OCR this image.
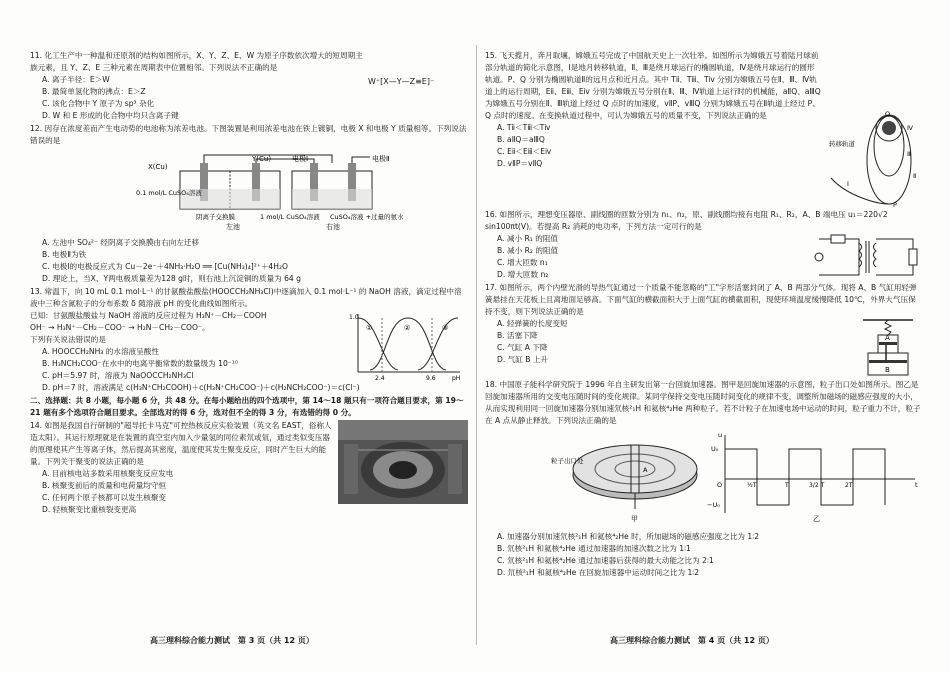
11. 化工生产中一种温和还原剂的结构如图所示，X、Y、Z、E、W 为原子序数依次增大的短周期主族元素，且 Y、Z、E 三种元素在周期表中位置相邻。下列说法不正确的是
A. 离子半径：E＞W
B. 最简单氢化物的沸点：E＞Z
C. 该化合物中 Y 原子为 sp³ 杂化
D. W 和 E 形成的化合物中均只含离子键
W⁺[X—Y—Z≡E]⁻
12. 因存在浓度差而产生电动势的电池称为浓差电池。下图装置是利用浓差电池在铁上镀铜，电极 X 和电极 Y 质量相等。下列说法错误的是
X(Cu)
Y(Cu)	电极Ⅰ	电极Ⅱ
0.1 mol/L CuSO₄溶液
阴离子交换膜	1 mol/L CuSO₄溶液 CuSO₄溶液 +过量的氨水
左池	右池
A. 左池中 SO₄²⁻ 经阴离子交换膜由右向左迁移
B. 电极Ⅱ为铁
C. 电极Ⅰ的电极反应式为 Cu－2e⁻＋4NH₃·H₂O ══ [Cu(NH₃)₄]²⁺＋4H₂O
D. 理论上，当X、Y两电极质量差为128 g时，则右池上沉淀铜的质量为 64 g
13. 常温下，向 10 mL 0.1 mol·L⁻¹ 的甘氨酸盐酸盐(HOOCCH₂NH₃Cl)中逐滴加入 0.1 mol·L⁻¹ 的 NaOH 溶液，滴定过程中溶液中三种含氮粒子的分布系数 δ 随溶液 pH 的变化曲线如图所示。
已知：甘氨酸盐酸盐与 NaOH 溶液的反应过程为 H₃N⁺－CH₂－COOH
OH⁻ → H₃N⁺－CH₂－COO⁻ → H₂N－CH₂－COO⁻。
下列有关说法错误的是
A. HOOCCH₂NH₃ 的水溶液呈酸性
B. H₃NCH₂COO⁻在水中的电离平衡常数的数量级为 10⁻¹⁰
C. pH＝5.97 时，溶液为 NaOOCCH₂NH₃Cl
1.0
①	②	③
2.4	9.6	pH
D. pH＝7 时，溶液满足 c(H₃N⁺CH₂COOH)＋c(H₃N⁺CH₂COO⁻)＋c(H₂NCH₂COO⁻)＝c(Cl⁻)
二、选择题：共 8 小题，每小题 6 分，共 48 分。在每小题给出的四个选项中，第 14～18 题只有一项符合题目要求，第 19～21 题有多个选项符合题目要求。全部选对的得 6 分，选对但不全的得 3 分，有选错的得 0 分。
14. 如图是我国自行研制的"超导托卡马克"可控热核反应实验装置（英文名 EAST，俗称人造太阳）。其运行原理就是在装置的真空室内加入少量氢的同位素氘或氚，通过类似变压器的原理使其产生等离子体，然后提高其密度，温度使其发生聚变反应，同时产生巨大的能量。下列关于聚变的说法正确的是
A. 目前核电站多数采用核聚变反应发电
B. 核聚变前后的质量和电荷量均守恒
C. 任何两个原子核都可以发生核聚变
D. 轻核聚变比重核裂变更高
15. 飞天揽月，奔月取壤，嫦娥五号完成了中国航天史上一次壮举。如图所示为嫦娥五号着陆月球前部分轨道的简化示意图，Ⅰ是地月转移轨道，Ⅱ、Ⅲ是绕月球运行的椭圆轨道，Ⅳ是绕月球运行的圆形轨道。P、Q 分别为椭圆轨道Ⅱ的远月点和近月点。其中 Tⅱ、Tⅲ、Tⅳ 分别为嫦娥五号在Ⅱ、Ⅲ、Ⅳ轨道上的运行周期，Eⅱ、Eⅲ、Eⅳ 分别为嫦娥五号分别在Ⅱ、Ⅲ、Ⅳ轨道上运行时的机械能，aⅡQ、aⅢQ 为嫦娥五号分别在Ⅱ、Ⅲ轨道上经过 Q 点时的加速度，vⅡP、vⅢQ 分别为嫦娥五号在Ⅱ轨道上经过 P、Q 点时的速度。在变换轨道过程中，可认为嫦娥五号的质量不变，下列说法正确的是
A. Tⅱ＜Tⅲ＜Tⅳ
B. aⅡQ＝aⅢQ
C. Eⅱ＜Eⅲ＜Eⅳ
D. vⅡP＝vⅡQ
转移轨道
Q
Ⅳ
Ⅲ
Ⅱ
Ⅰ
P
16. 如图所示，理想变压器原、副线圈的匝数分别为 n₁、n₂，原、副线圈均接有电阻 R₁、R₂，A、B 端电压 u₁＝220√2 sin100πt(V)。若提高 R₂ 消耗的电功率，下列方法一定可行的是
A. 减小 R₁ 的阻值
B. 减小 R₂ 的阻值
C. 增大匝数 n₁
D. 增大匝数 n₂
17. 如图所示，两个内壁光滑的导热气缸通过一个质量不能忽略的"工"字形活塞封闭了 A、B 两部分气体。现将 A、B 气缸用轻弹簧悬挂在天花板上且离地面足够高。下面气缸的横截面积大于上面气缸的横截面积，现使环境温度缓慢降低 10℃，外界大气压保持不变，则下列说法正确的是
A. 轻弹簧的长度变短
B. 活塞下降
C. 气缸 A 下降
D. 气缸 B 上升
A
B
18. 中国原子能科学研究院于 1996 年自主研发出第一台回旋加速器。图甲是回旋加速器的示意图，粒子出口处如图所示。图乙是回旋加速器所用的交变电压随时间的变化规律。某同学保持交变电压随时间变化的规律不变，调整所加磁场的磁感应强度的大小，从而实现利用同一回旋加速器分别加速氘核²₁H 和氦核⁴₂He 两种粒子。若不计粒子在加速电场中运动的时间，粒子重力不计，粒子在 A 点从静止释放。下列说法正确的是
粒子出口处
A
甲	乙
U₀
−U₀
u
t
O	½T	T	3/2 T	2T
A. 加速器分别加速氘核²₁H 和氦核⁴₂He 时，所加磁场的磁感应强度之比为 1∶2
B. 氘核²₁H 和氦核⁴₂He 通过加速器的加速次数之比为 1∶1
C. 氘核²₁H 和氦核⁴₂He 通过加速器后获得的最大动能之比为 2∶1
D. 氘核²₁H 和氦核⁴₂He 在回旋加速器中运动时间之比为 1∶2
高三理科综合能力测试　第 3 页（共 12 页）	高三理科综合能力测试　第 4 页（共 12 页）
